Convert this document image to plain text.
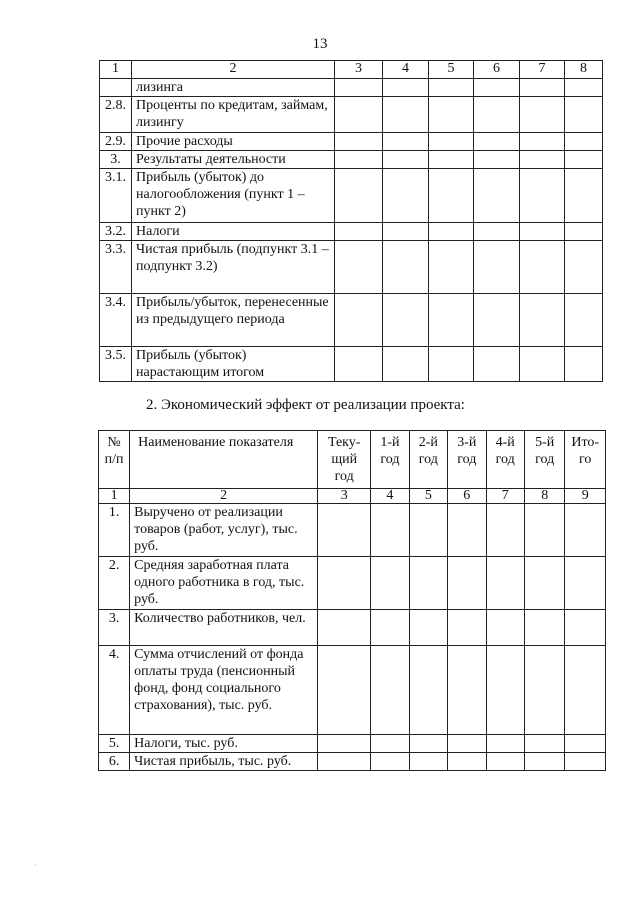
13
1	2	3	4	5	6	7	8
	лизинга						
2.8.	Проценты по кредитам, займам, лизингу						
2.9.	Прочие расходы						
3.	Результаты деятельности						
3.1.	Прибыль (убыток) до налогообложения (пункт 1 – пункт 2)						
3.2.	Налоги						
3.3.	Чистая прибыль (подпункт 3.1 – подпункт 3.2)						
3.4.	Прибыль/убыток, перенесенные из предыдущего периода						
3.5.	Прибыль (убыток) нарастающим итогом						
2. Экономический эффект от реализации проекта:
№ п/п	Наименование показателя	Теку-щий год	1-й год	2-й год	3-й год	4-й год	5-й год	Ито-го
1	2	3	4	5	6	7	8	9
1.	Выручено от реализации товаров (работ, услуг), тыс. руб.							
2.	Средняя заработная плата одного работника в год, тыс. руб.							
3.	Количество работников, чел.							
4.	Сумма отчислений от фонда оплаты труда (пенсионный фонд, фонд социального страхования), тыс. руб.							
5.	Налоги, тыс. руб.							
6.	Чистая прибыль, тыс. руб.							
·
